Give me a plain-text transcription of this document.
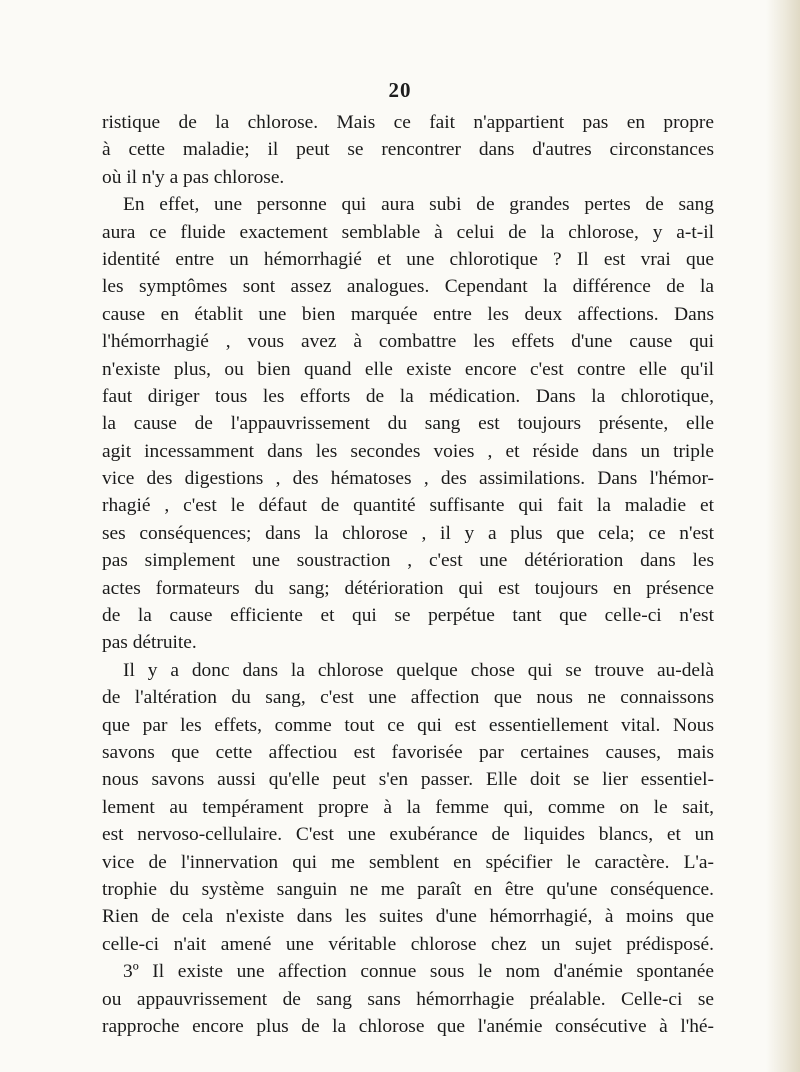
20
ristique de la chlorose. Mais ce fait n'appartient pas en propre
à cette maladie; il peut se rencontrer dans d'autres circonstances
où il n'y a pas chlorose.
En effet, une personne qui aura subi de grandes pertes de sang
aura ce fluide exactement semblable à celui de la chlorose, y a-t-il
identité entre un hémorrhagié et une chlorotique ? Il est vrai que
les symptômes sont assez analogues. Cependant la différence de la
cause en établit une bien marquée entre les deux affections. Dans
l'hémorrhagié , vous avez à combattre les effets d'une cause qui
n'existe plus, ou bien quand elle existe encore c'est contre elle qu'il
faut diriger tous les efforts de la médication. Dans la chlorotique,
la cause de l'appauvrissement du sang est toujours présente, elle
agit incessamment dans les secondes voies , et réside dans un triple
vice des digestions , des hématoses , des assimilations. Dans l'hémor-
rhagié , c'est le défaut de quantité suffisante qui fait la maladie et
ses conséquences; dans la chlorose , il y a plus que cela; ce n'est
pas simplement une soustraction , c'est une détérioration dans les
actes formateurs du sang; détérioration qui est toujours en présence
de la cause efficiente et qui se perpétue tant que celle-ci n'est
pas détruite.
Il y a donc dans la chlorose quelque chose qui se trouve au-delà
de l'altération du sang, c'est une affection que nous ne connaissons
que par les effets, comme tout ce qui est essentiellement vital. Nous
savons que cette affectiou est favorisée par certaines causes, mais
nous savons aussi qu'elle peut s'en passer. Elle doit se lier essentiel-
lement au tempérament propre à la femme qui, comme on le sait,
est nervoso-cellulaire. C'est une exubérance de liquides blancs, et un
vice de l'innervation qui me semblent en spécifier le caractère. L'a-
trophie du système sanguin ne me paraît en être qu'une conséquence.
Rien de cela n'existe dans les suites d'une hémorrhagié, à moins que
celle-ci n'ait amené une véritable chlorose chez un sujet prédisposé.
3º Il existe une affection connue sous le nom d'anémie spontanée
ou appauvrissement de sang sans hémorrhagie préalable. Celle-ci se
rapproche encore plus de la chlorose que l'anémie consécutive à l'hé-
